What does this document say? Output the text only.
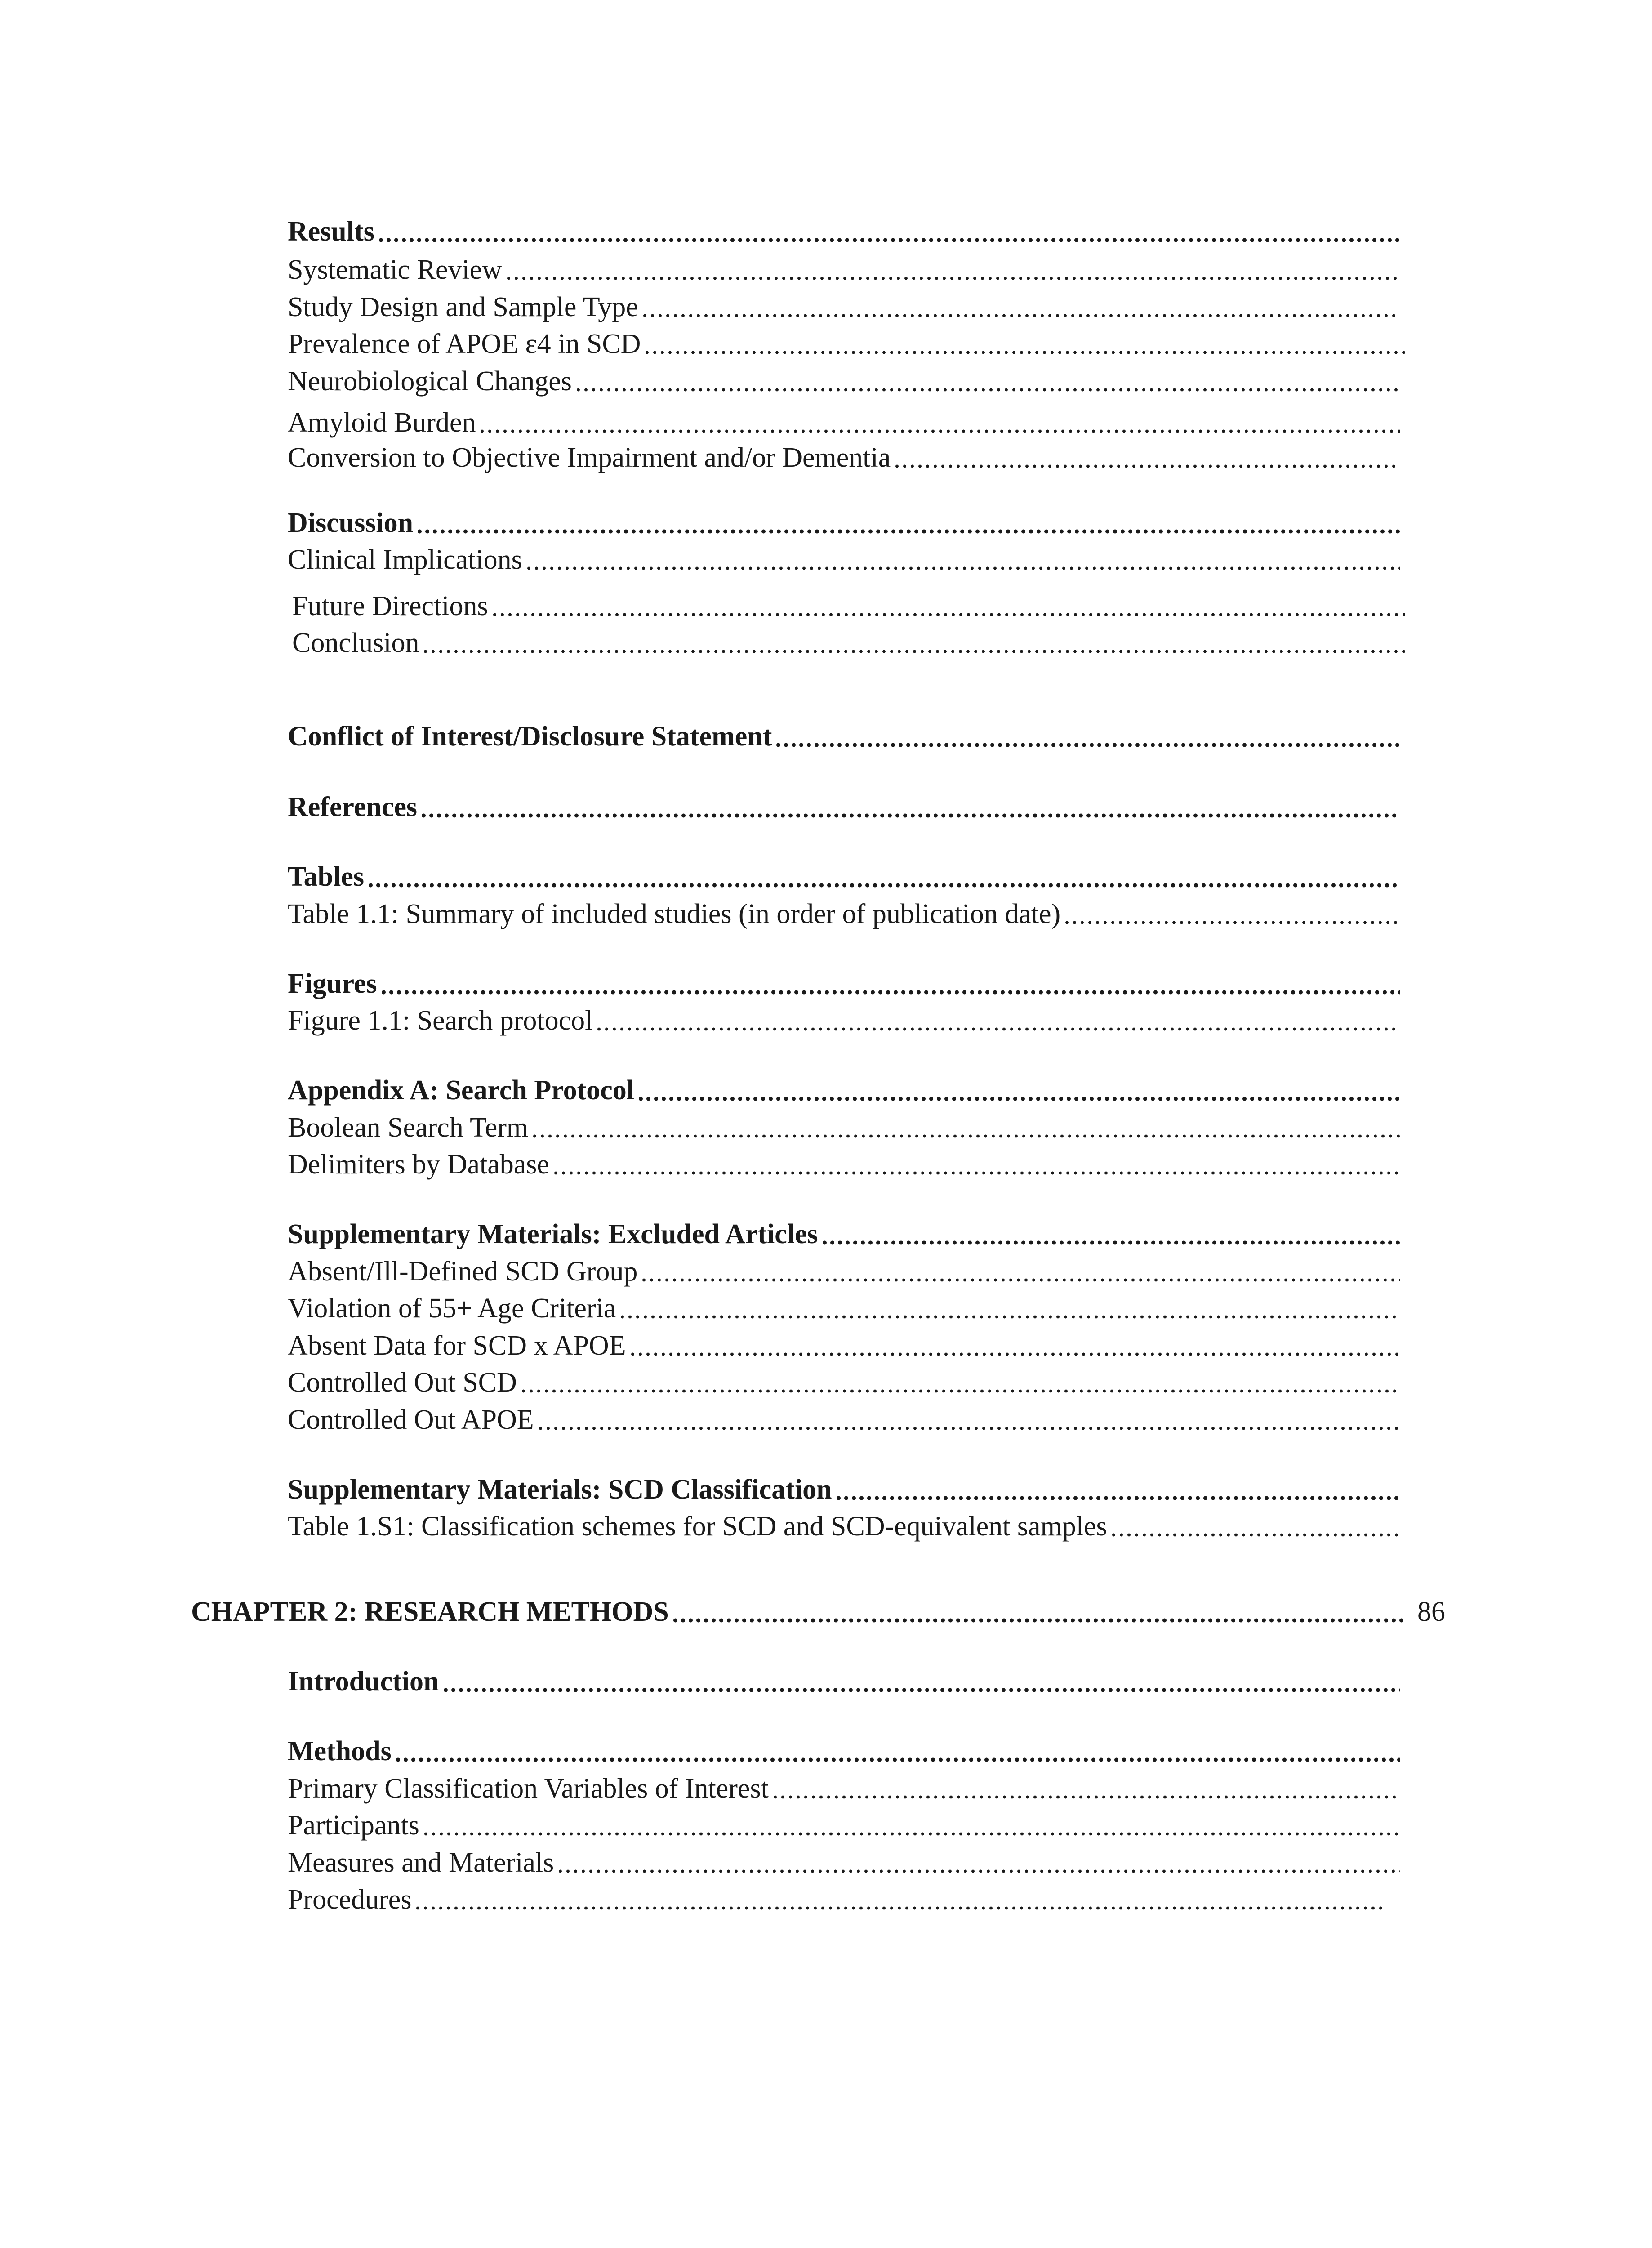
Results
Systematic Review
Study Design and Sample Type
Prevalence of APOE ε4 in SCD
Neurobiological Changes
Amyloid Burden
Conversion to Objective Impairment and/or Dementia
Discussion
Clinical Implications
Future Directions
Conclusion
Conflict of Interest/Disclosure Statement
References
Tables
Table 1.1: Summary of included studies (in order of publication date)
Figures
Figure 1.1: Search protocol
Appendix A: Search Protocol
Boolean Search Term
Delimiters by Database
Supplementary Materials: Excluded Articles
Absent/Ill-Defined SCD Group
Violation of 55+ Age Criteria
Absent Data for SCD x APOE
Controlled Out SCD
Controlled Out APOE
Supplementary Materials: SCD Classification
Table 1.S1: Classification schemes for SCD and SCD-equivalent samples
CHAPTER 2: RESEARCH METHODS	86
Introduction
Methods
Primary Classification Variables of Interest
Participants
Measures and Materials
Procedures
